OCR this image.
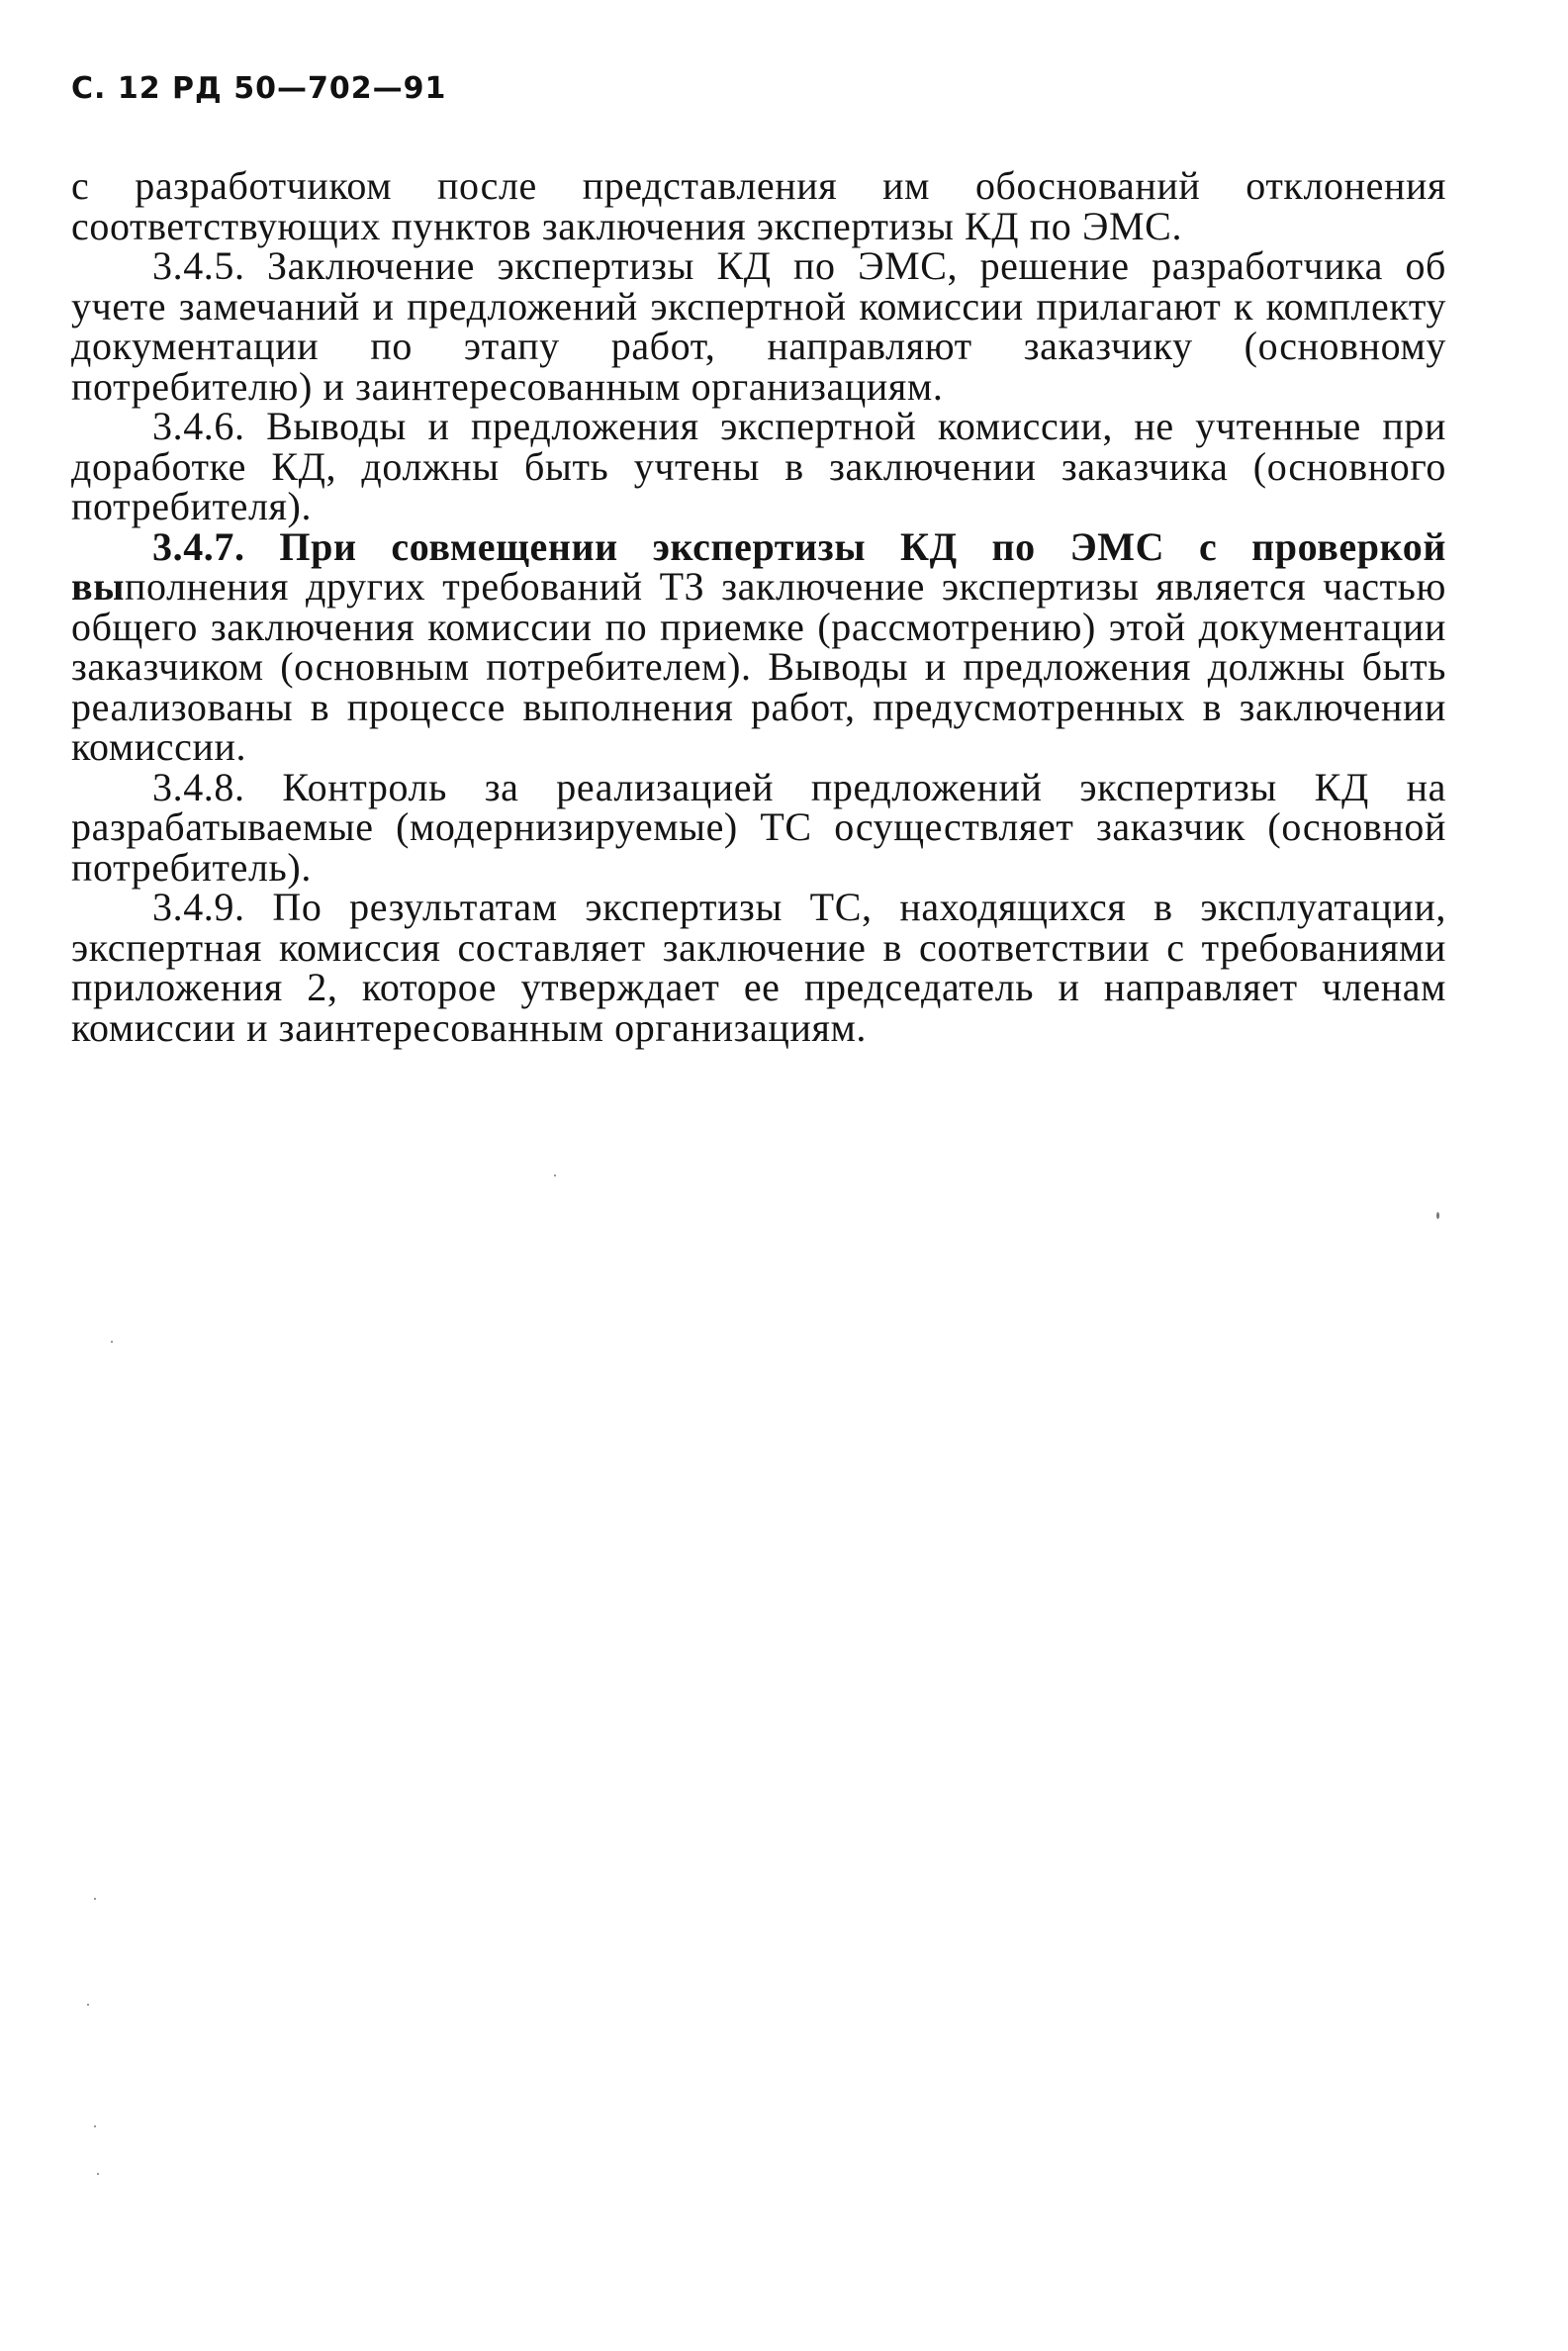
С. 12 РД 50—702—91

с разработчиком после представления им обоснований отклонения соответствующих пунктов заключения экспертизы КД по ЭМС.

3.4.5. Заключение экспертизы КД по ЭМС, решение разработчика об учете замечаний и предложений экспертной комиссии прилагают к комплекту документации по этапу работ, направляют заказчику (основному потребителю) и заинтересованным организациям.

3.4.6. Выводы и предложения экспертной комиссии, не учтенные при доработке КД, должны быть учтены в заключении заказчика (основного потребителя).

3.4.7. При совмещении экспертизы КД по ЭМС с проверкой выполнения других требований ТЗ заключение экспертизы является частью общего заключения комиссии по приемке (рассмотрению) этой документации заказчиком (основным потребителем). Выводы и предложения должны быть реализованы в процессе выполнения работ, предусмотренных в заключении комиссии.

3.4.8. Контроль за реализацией предложений экспертизы КД на разрабатываемые (модернизируемые) ТС осуществляет заказчик (основной потребитель).

3.4.9. По результатам экспертизы ТС, находящихся в эксплуатации, экспертная комиссия составляет заключение в соответствии с требованиями приложения 2, которое утверждает ее председатель и направляет членам комиссии и заинтересованным организациям.
